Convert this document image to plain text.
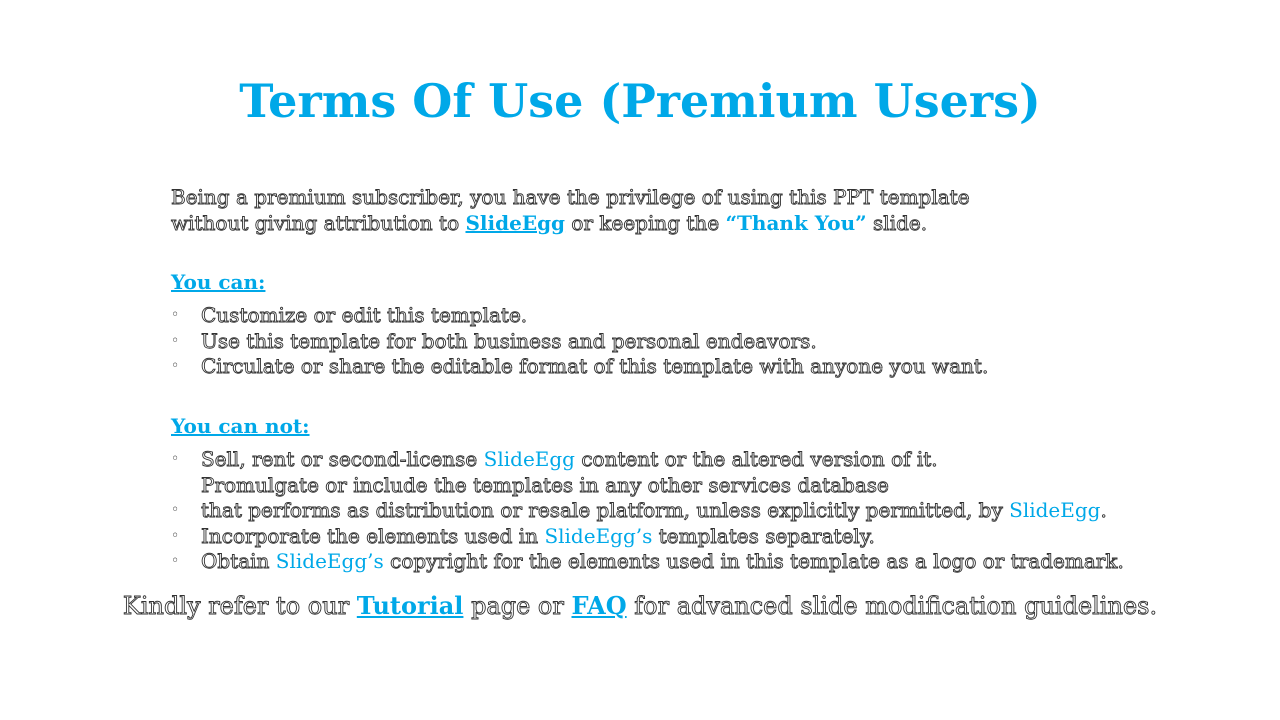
Terms Of Use (Premium Users)
Being a premium subscriber, you have the privilege of using this PPT template
without giving attribution to SlideEgg or keeping the “Thank You” slide.
You can:
◦ Customize or edit this template.
◦ Use this template for both business and personal endeavors.
◦ Circulate or share the editable format of this template with anyone you want.
You can not:
◦ Sell, rent or second-license SlideEgg content or the altered version of it.
Promulgate or include the templates in any other services database
◦ that performs as distribution or resale platform, unless explicitly permitted, by SlideEgg.
◦ Incorporate the elements used in SlideEgg’s templates separately.
◦ Obtain SlideEgg’s copyright for the elements used in this template as a logo or trademark.
Kindly refer to our Tutorial page or FAQ for advanced slide modification guidelines.
